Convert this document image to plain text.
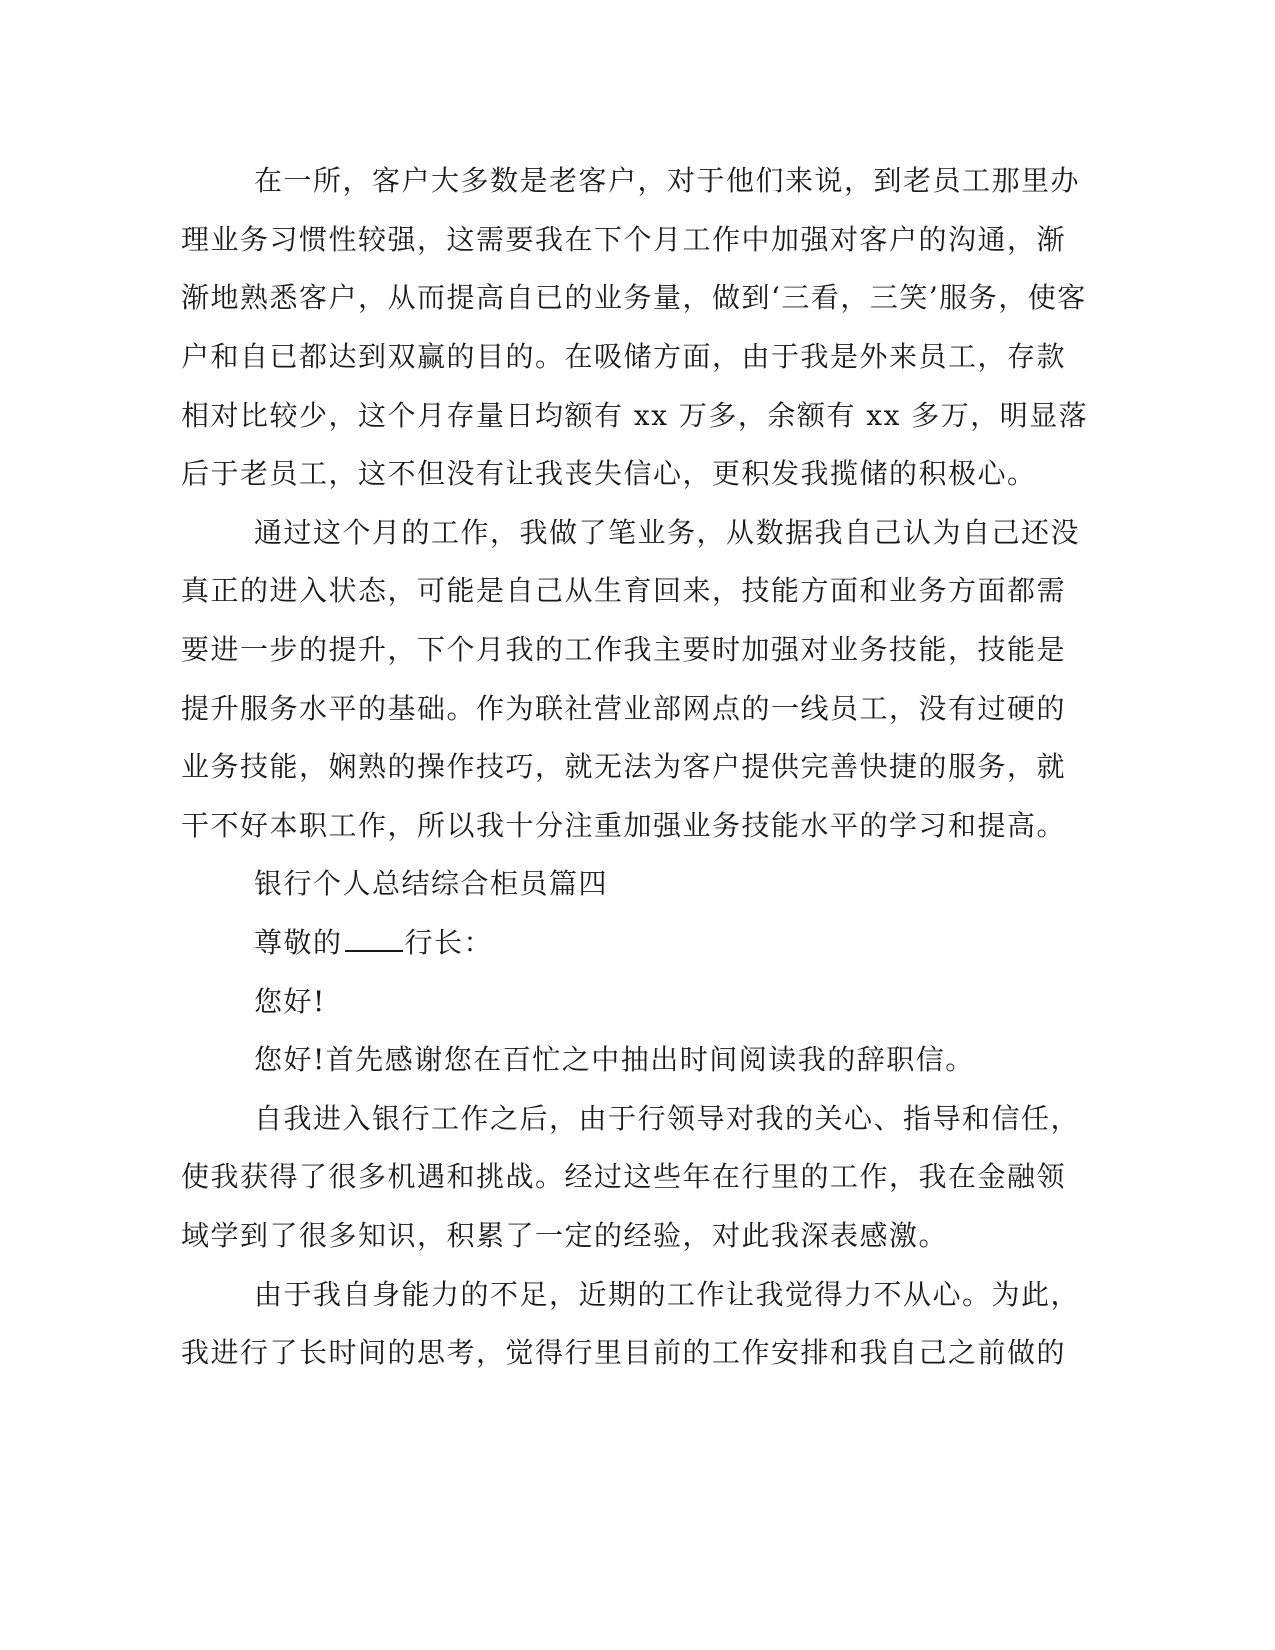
在一所，客户大多数是老客户，对于他们来说，到老员工那里办
理业务习惯性较强，这需要我在下个月工作中加强对客户的沟通，渐
渐地熟悉客户，从而提高自已的业务量，做到‘三看，三笑’服务，使客
户和自已都达到双赢的目的。在吸储方面，由于我是外来员工，存款
相对比较少，这个月存量日均额有 xx 万多，余额有 xx 多万，明显落
后于老员工，这不但没有让我丧失信心，更积发我揽储的积极心。
通过这个月的工作，我做了笔业务，从数据我自己认为自己还没
真正的进入状态，可能是自己从生育回来，技能方面和业务方面都需
要进一步的提升，下个月我的工作我主要时加强对业务技能，技能是
提升服务水平的基础。作为联社营业部网点的一线员工，没有过硬的
业务技能，娴熟的操作技巧，就无法为客户提供完善快捷的服务，就
干不好本职工作，所以我十分注重加强业务技能水平的学习和提高。
银行个人总结综合柜员篇四
尊敬的 行长：
您好!
您好!首先感谢您在百忙之中抽出时间阅读我的辞职信。
自我进入银行工作之后，由于行领导对我的关心、指导和信任，
使我获得了很多机遇和挑战。经过这些年在行里的工作，我在金融领
域学到了很多知识，积累了一定的经验，对此我深表感激。
由于我自身能力的不足，近期的工作让我觉得力不从心。为此，
我进行了长时间的思考，觉得行里目前的工作安排和我自己之前做的
